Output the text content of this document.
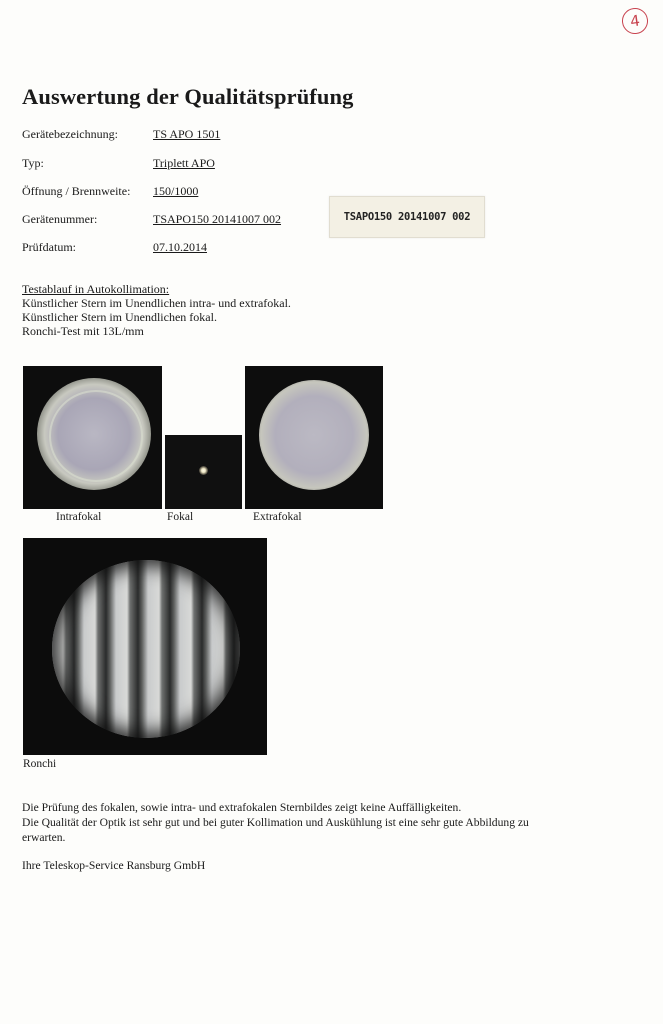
4
Auswertung der Qualitätsprüfung
Gerätebezeichnung:	TS APO 1501
Typ:	Triplett APO
Öffnung / Brennweite: 150/1000
Gerätenummer:	TSAPO150 20141007 002
Prüfdatum:	07.10.2014
TSAPO150 20141007 002
Testablauf in Autokollimation:
Künstlicher Stern im Unendlichen intra- und extrafokal.
Künstlicher Stern im Unendlichen fokal.
Ronchi-Test mit 13L/mm
Intrafokal	Fokal	Extrafokal
Ronchi
Die Prüfung des fokalen, sowie intra- und extrafokalen Sternbildes zeigt keine Auffälligkeiten.
Die Qualität der Optik ist sehr gut und bei guter Kollimation und Auskühlung ist eine sehr gute Abbildung zu
erwarten.
Ihre Teleskop-Service Ransburg GmbH
